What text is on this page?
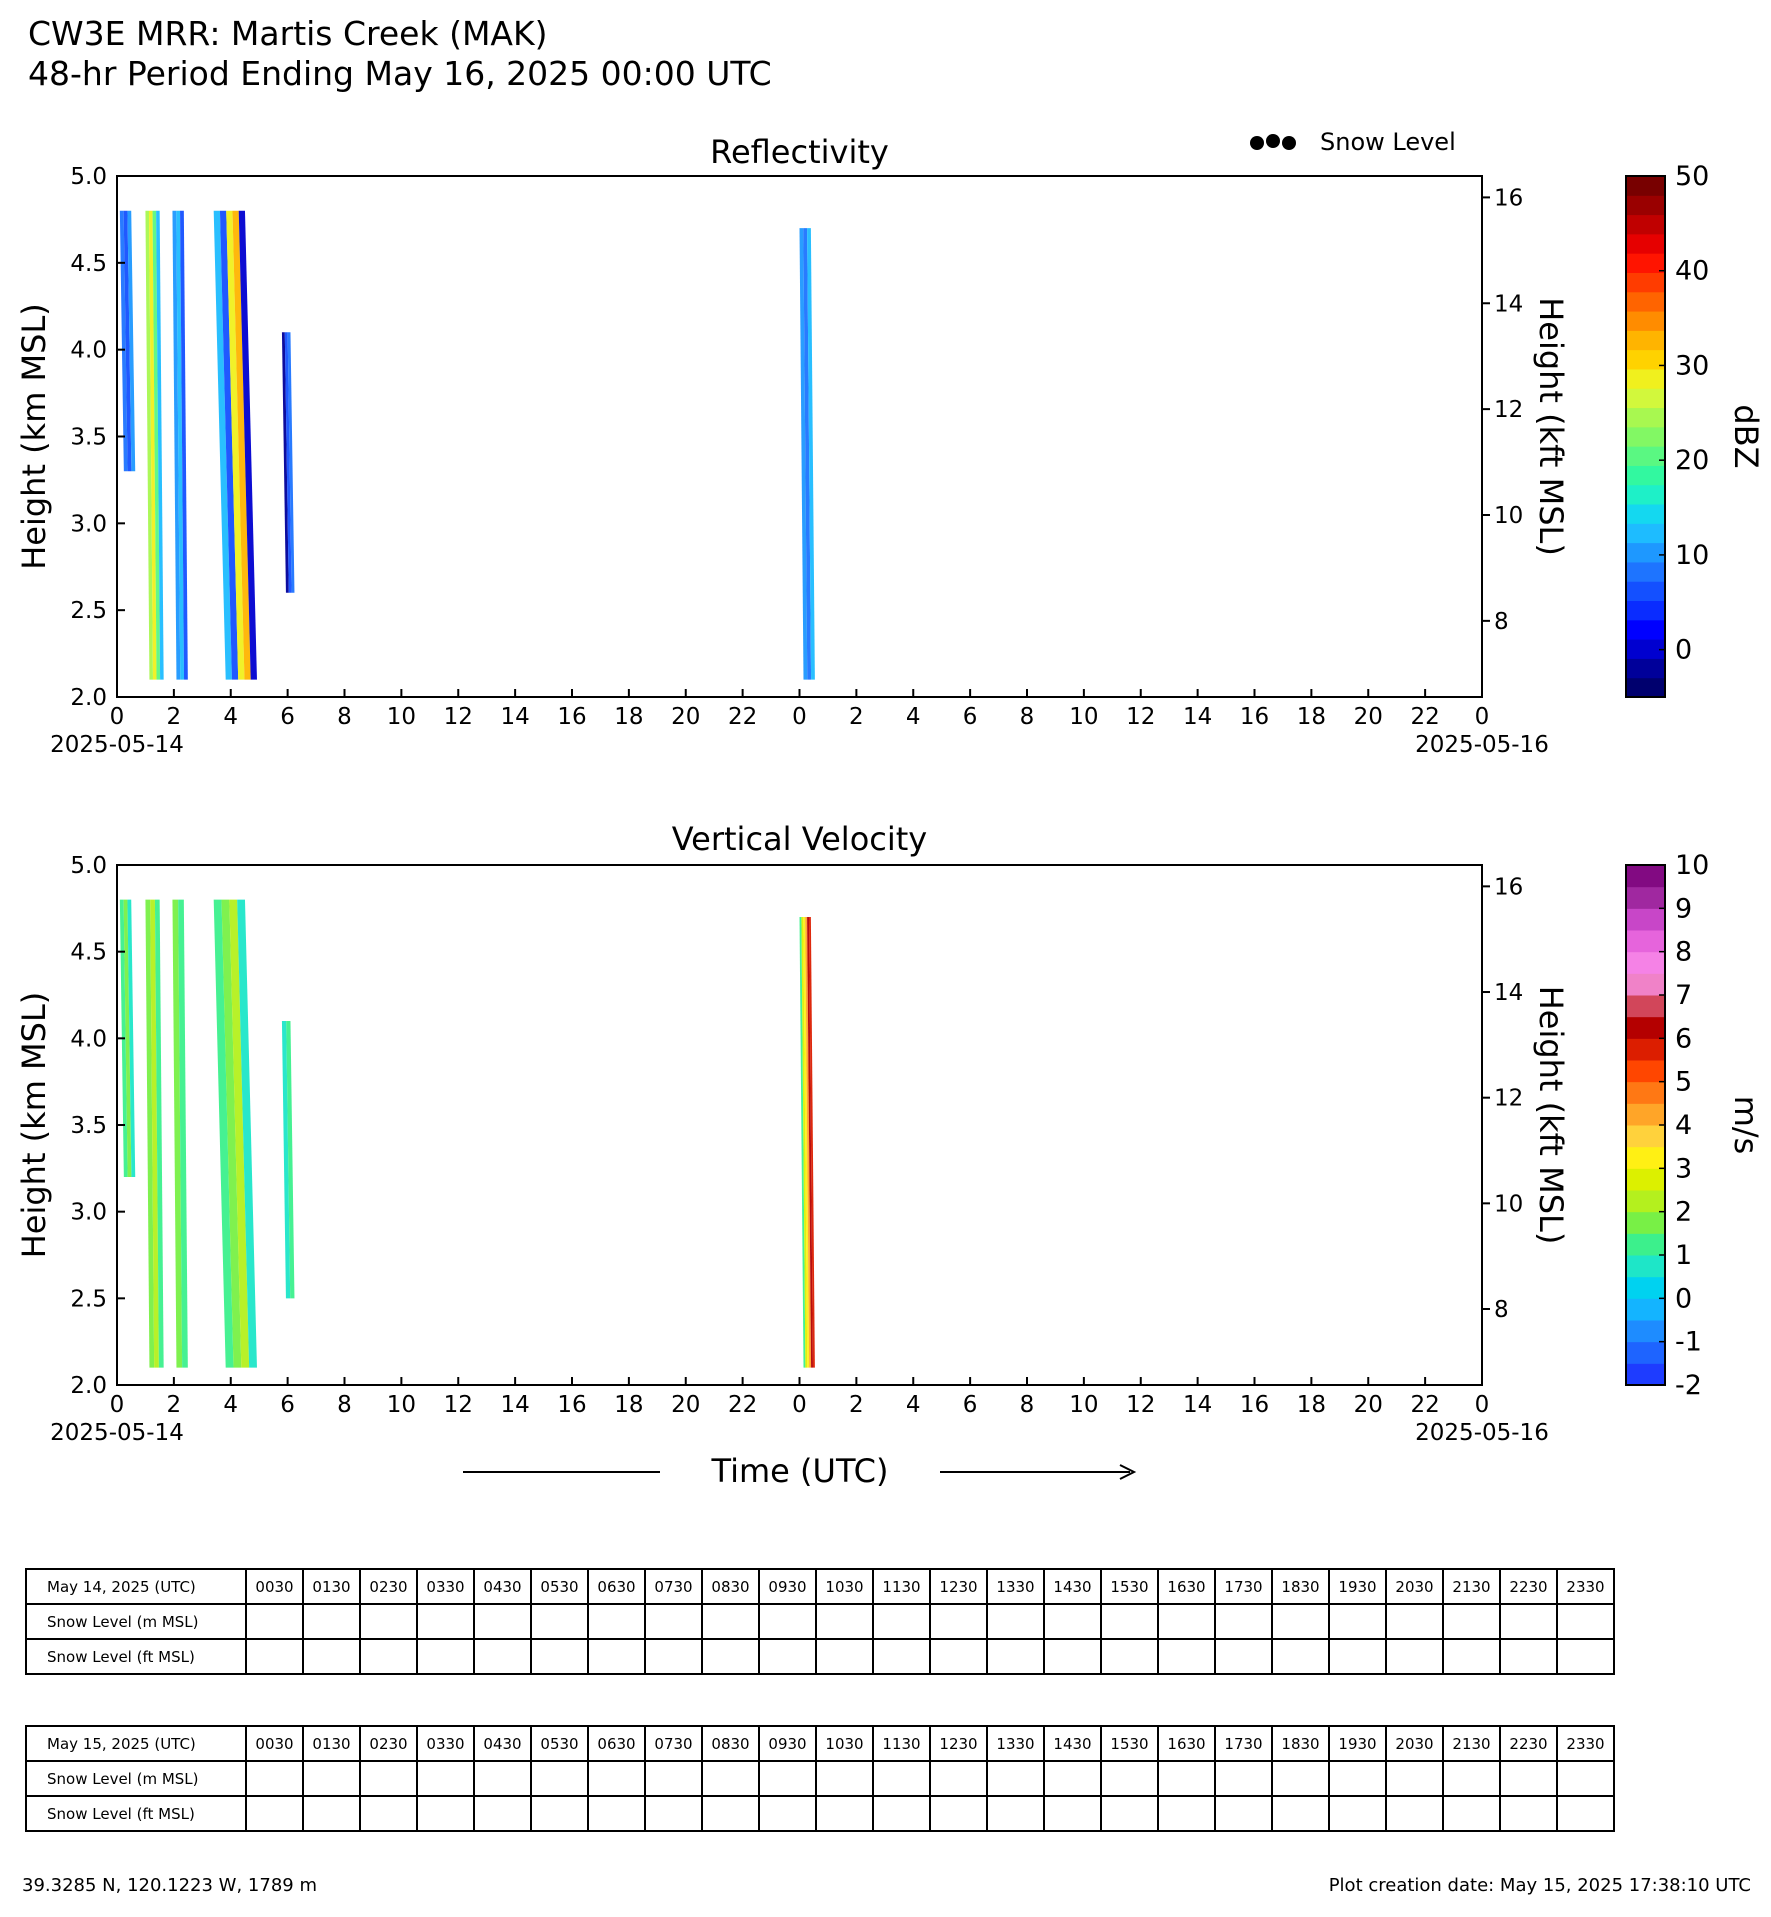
CW3E MRR: Martis Creek (MAK)
48-hr Period Ending May 16, 2025 00:00 UTC
Snow Level
Reflectivity
2.0
2.5
3.0
3.5
4.0
4.5
5.0
Height (km MSL)
8
10
12
14
16
Height (kft MSL)
0 2 4 6 8 10 12 14 16 18 20 22 0 2 4 6 8 10 12 14 16 18 20 22 0
2025-05-14	2025-05-16
0
10
20
30
40
50
dBZ
Vertical Velocity
2.0
2.5
3.0
3.5
4.0
4.5
5.0
Height (km MSL)
8
10
12
14
16
Height (kft MSL)
0 2 4 6 8 10 12 14 16 18 20 22 0 2 4 6 8 10 12 14 16 18 20 22 0
2025-05-14	2025-05-16
-2
-1
0
1
2
3
4
5
6
7
8
9
10
m/s
Time (UTC)
May 14, 2025 (UTC)	0030	0130	0230	0330	0430	0530	0630	0730	0830	0930	1030	1130	1230	1330	1430	1530	1630	1730	1830	1930	2030	2130	2230	2330
Snow Level (m MSL)																								
Snow Level (ft MSL)																								
May 15, 2025 (UTC)	0030	0130	0230	0330	0430	0530	0630	0730	0830	0930	1030	1130	1230	1330	1430	1530	1630	1730	1830	1930	2030	2130	2230	2330
Snow Level (m MSL)																								
Snow Level (ft MSL)																								
39.3285 N, 120.1223 W, 1789 m	Plot creation date: May 15, 2025 17:38:10 UTC
